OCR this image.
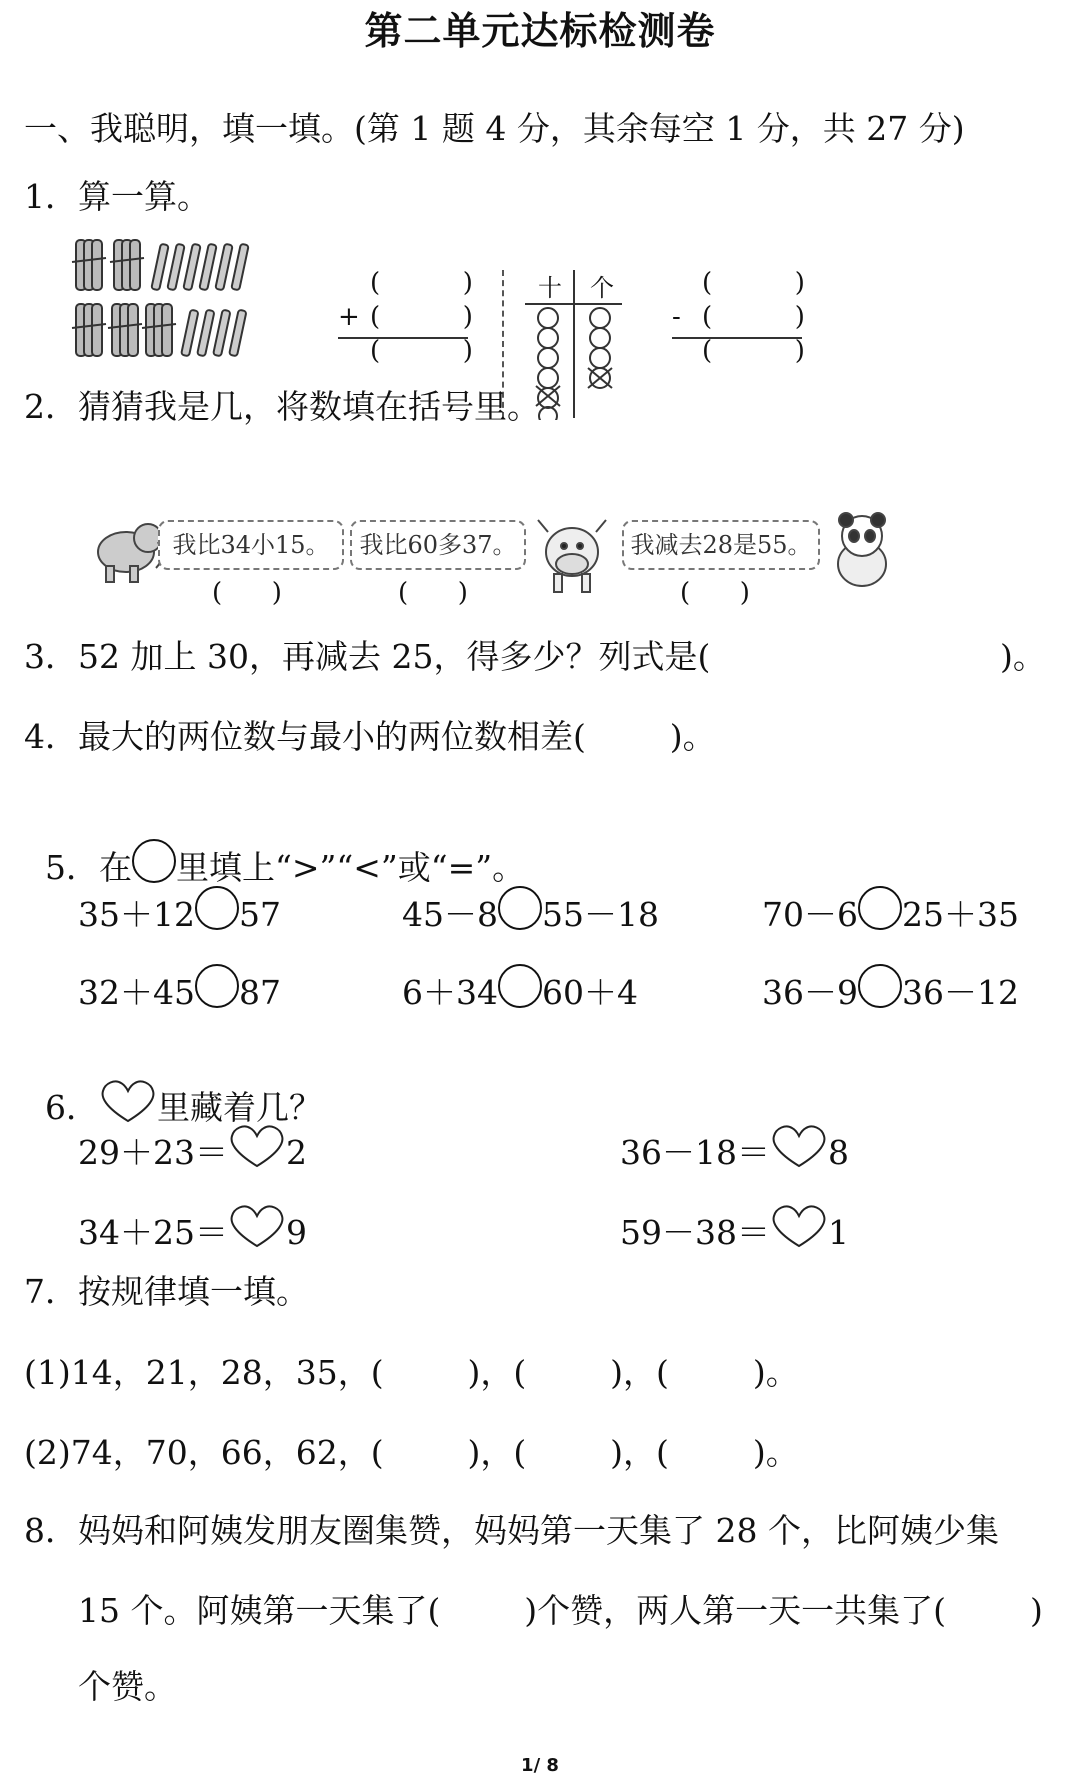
第二单元达标检测卷
一、我聪明，填一填。(第 1 题 4 分，其余每空 1 分，共 27 分)
1．算一算。
(          )
+ (          )
(          )
十 个	(          )
- (          )
(          )
2．猜猜我是几，将数填在括号里。
我比34小15。	我比60多37。	我减去28是55。
(      )	(      )	(      )
3．52 加上 30，再减去 25，得多少？列式是(	)。
4．最大的两位数与最小的两位数相差(        )。

5．在 里填上“>”“<”或“=”。

35＋12 57	45－8 55－18	70－6 25＋35
32＋45 87	6＋34 60＋4	36－9 36－12

6． 里藏着几？

29＋23＝ 2	36－18＝ 8
34＋25＝ 9	59－38＝ 1
7．按规律填一填。
(1)14，21，28，35，(        )，(        )，(        )。
(2)74，70，66，62，(        )，(        )，(        )。
8．妈妈和阿姨发朋友圈集赞，妈妈第一天集了 28 个，比阿姨少集
15 个。阿姨第一天集了(        )个赞，两人第一天一共集了(        )
个赞。
1/ 8
